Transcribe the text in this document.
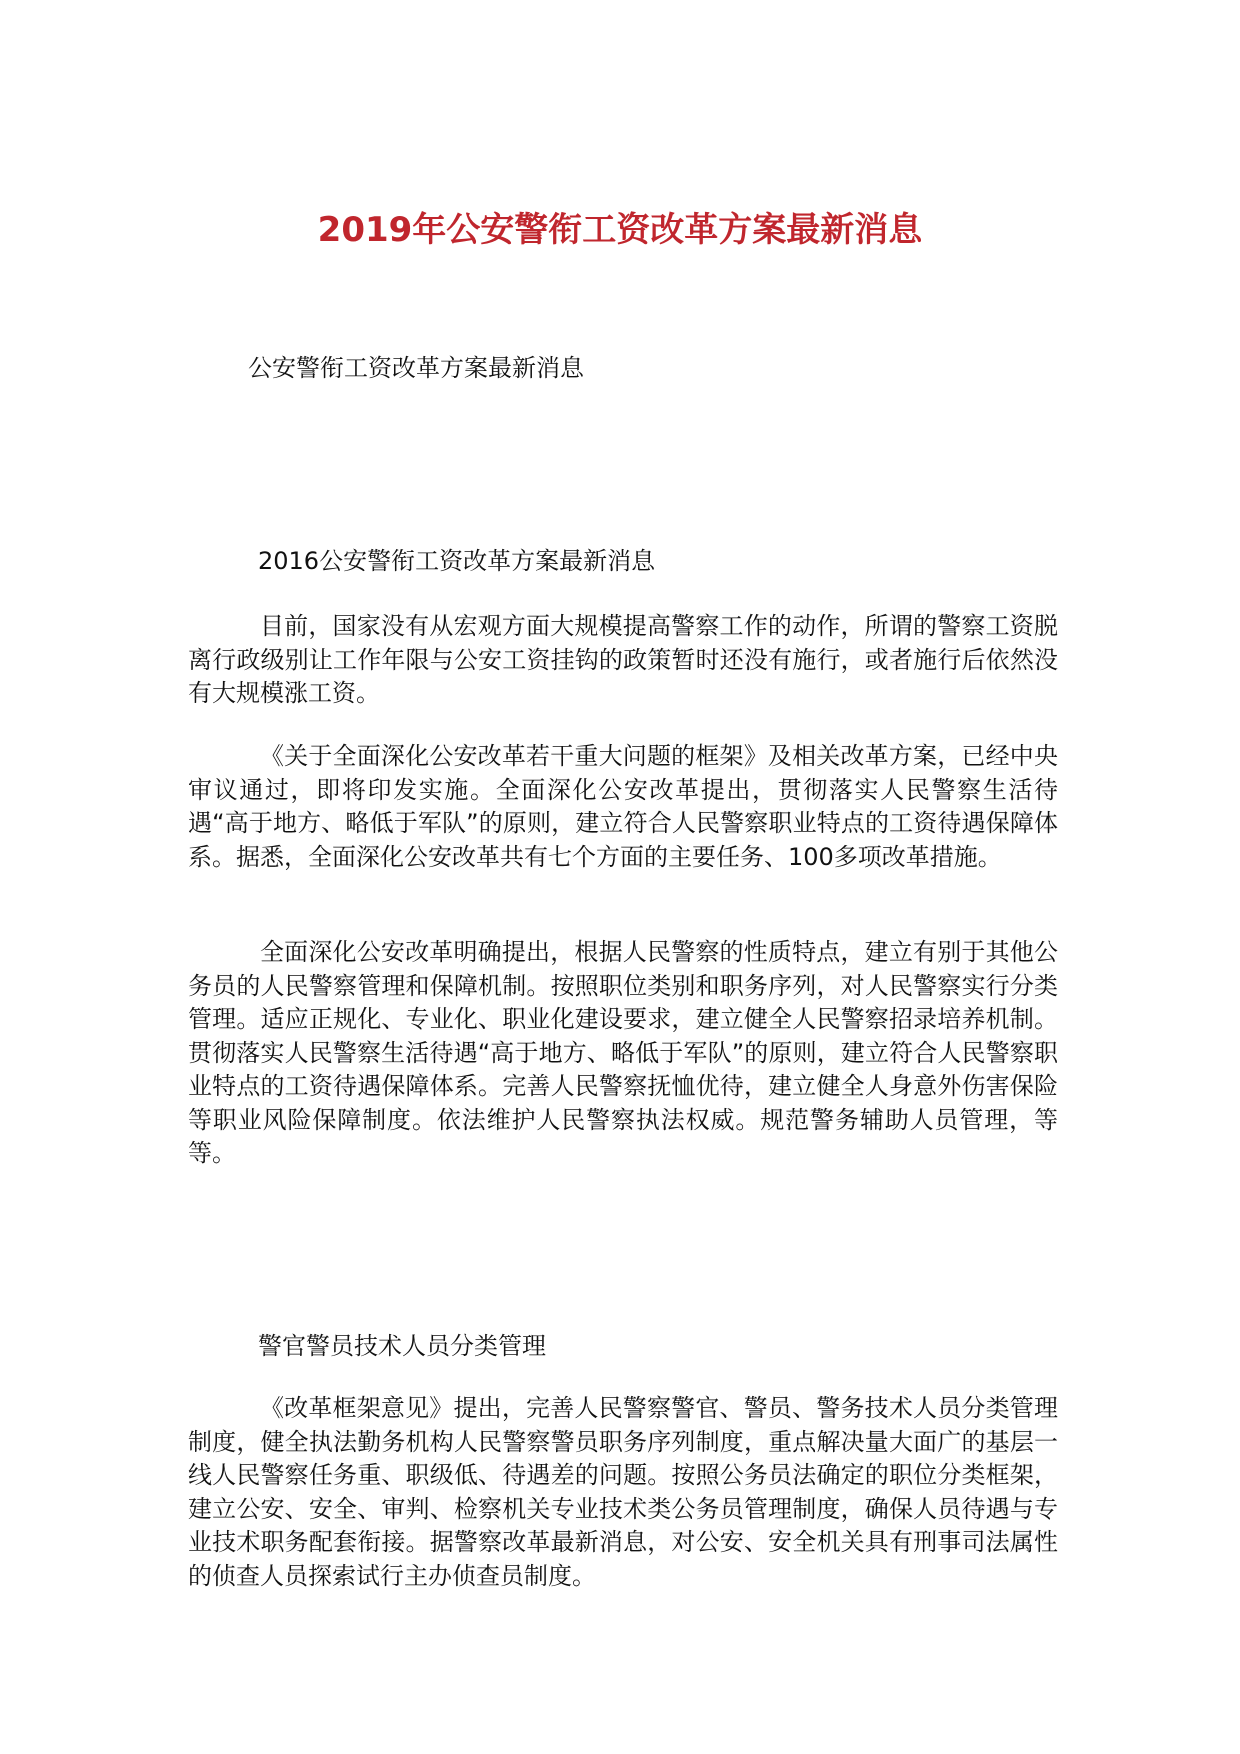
2019年公安警衔工资改革方案最新消息

公安警衔工资改革方案最新消息

2016公安警衔工资改革方案最新消息

目前，国家没有从宏观方面大规模提高警察工作的动作，所谓的警察工资脱离行政级别让工作年限与公安工资挂钩的政策暂时还没有施行，或者施行后依然没有大规模涨工资。

《关于全面深化公安改革若干重大问题的框架》及相关改革方案，已经中央审议通过，即将印发实施。全面深化公安改革提出，贯彻落实人民警察生活待遇“高于地方、略低于军队”的原则，建立符合人民警察职业特点的工资待遇保障体系。据悉，全面深化公安改革共有七个方面的主要任务、100多项改革措施。

全面深化公安改革明确提出，根据人民警察的性质特点，建立有别于其他公务员的人民警察管理和保障机制。按照职位类别和职务序列，对人民警察实行分类管理。适应正规化、专业化、职业化建设要求，建立健全人民警察招录培养机制。贯彻落实人民警察生活待遇“高于地方、略低于军队”的原则，建立符合人民警察职业特点的工资待遇保障体系。完善人民警察抚恤优待，建立健全人身意外伤害保险等职业风险保障制度。依法维护人民警察执法权威。规范警务辅助人员管理，等等。

警官警员技术人员分类管理

《改革框架意见》提出，完善人民警察警官、警员、警务技术人员分类管理制度，健全执法勤务机构人民警察警员职务序列制度，重点解决量大面广的基层一线人民警察任务重、职级低、待遇差的问题。按照公务员法确定的职位分类框架，建立公安、安全、审判、检察机关专业技术类公务员管理制度，确保人员待遇与专业技术职务配套衔接。据警察改革最新消息，对公安、安全机关具有刑事司法属性的侦查人员探索试行主办侦查员制度。
